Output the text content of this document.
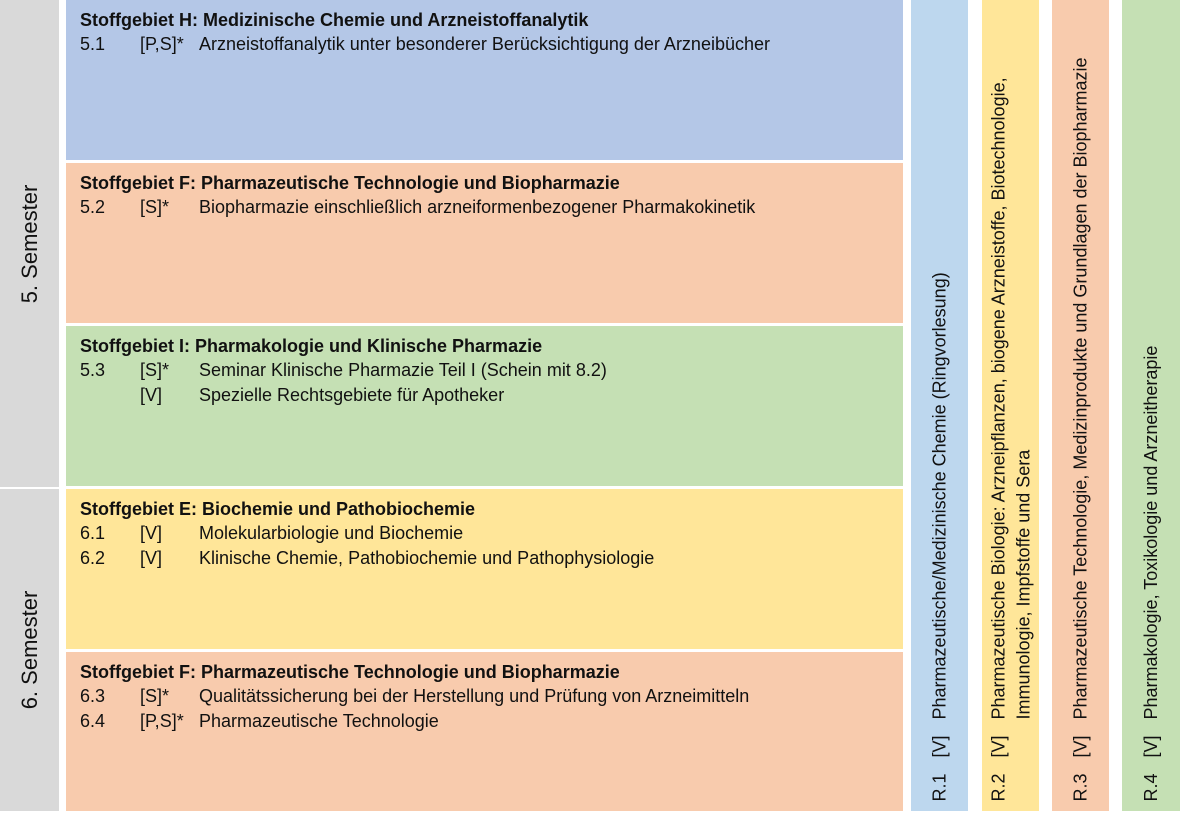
5. Semester
6. Semester
Stoffgebiet H: Medizinische Chemie und Arzneistoffanalytik
5.1 [P,S]* Arzneistoffanalytik unter besonderer Berücksichtigung der Arzneibücher
Stoffgebiet F: Pharmazeutische Technologie und Biopharmazie
5.2 [S]* Biopharmazie einschließlich arzneiformenbezogener Pharmakokinetik
Stoffgebiet I: Pharmakologie und Klinische Pharmazie
5.3 [S]* Seminar Klinische Pharmazie Teil I (Schein mit 8.2)
[V] Spezielle Rechtsgebiete für Apotheker
Stoffgebiet E: Biochemie und Pathobiochemie
6.1 [V] Molekularbiologie und Biochemie
6.2 [V] Klinische Chemie, Pathobiochemie und Pathophysiologie
Stoffgebiet F: Pharmazeutische Technologie und Biopharmazie
6.3 [S]* Qualitätssicherung bei der Herstellung und Prüfung von Arzneimitteln
6.4 [P,S]* Pharmazeutische Technologie
R.1
[V]
Pharmazeutische/Medizinische Chemie (Ringvorlesung)
R.2
[V]
Pharmazeutische Biologie: Arzneipflanzen, biogene Arzneistoffe, Biotechnologie, Immunologie, Impfstoffe und Sera
R.3
[V]
Pharmazeutische Technologie, Medizinprodukte und Grundlagen der Biopharmazie
R.4
[V]
Pharmakologie, Toxikologie und Arzneitherapie
